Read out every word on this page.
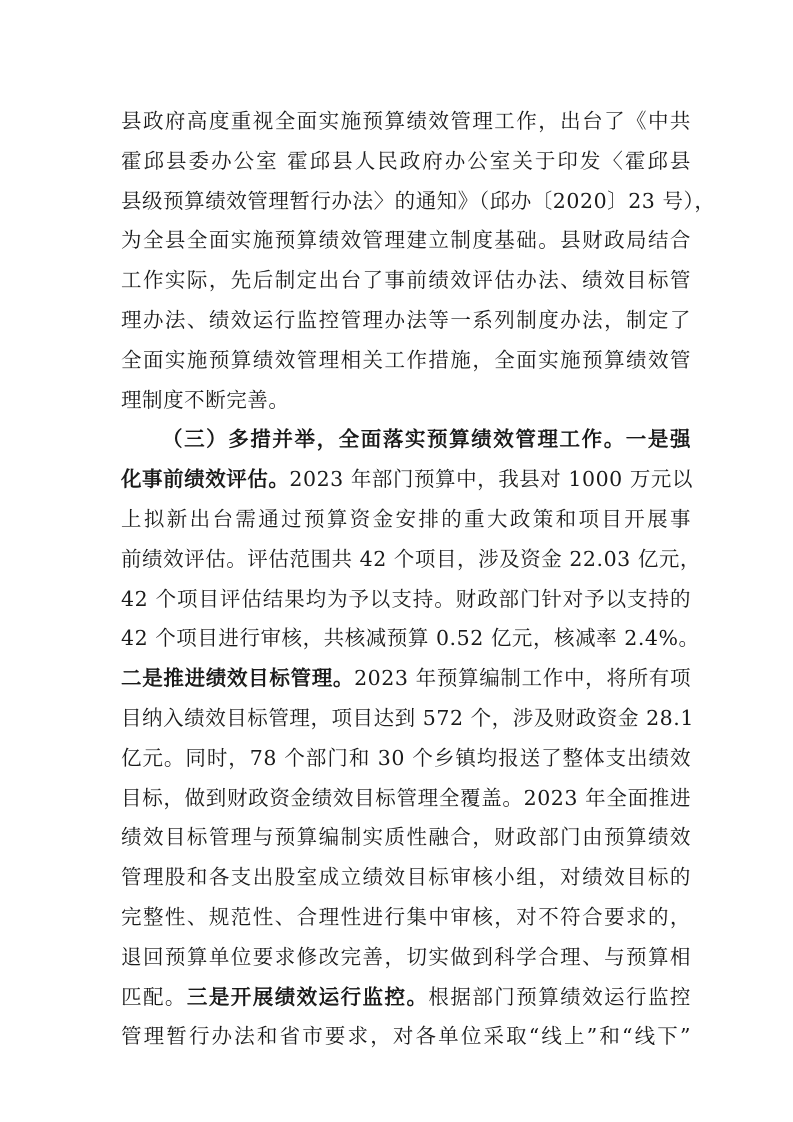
县政府高度重视全面实施预算绩效管理工作，出台了《中共
霍邱县委办公室 霍邱县人民政府办公室关于印发〈霍邱县
县级预算绩效管理暂行办法〉的通知》（邱办〔2020〕23 号），
为全县全面实施预算绩效管理建立制度基础。县财政局结合
工作实际，先后制定出台了事前绩效评估办法、绩效目标管
理办法、绩效运行监控管理办法等一系列制度办法，制定了
全面实施预算绩效管理相关工作措施，全面实施预算绩效管
理制度不断完善。
（三）多措并举，全面落实预算绩效管理工作。一是强
化事前绩效评估。2023 年部门预算中，我县对 1000 万元以
上拟新出台需通过预算资金安排的重大政策和项目开展事
前绩效评估。评估范围共 42 个项目，涉及资金 22.03 亿元，
42 个项目评估结果均为予以支持。财政部门针对予以支持的
42 个项目进行审核，共核减预算 0.52 亿元，核减率 2.4%。
二是推进绩效目标管理。2023 年预算编制工作中，将所有项
目纳入绩效目标管理，项目达到 572 个，涉及财政资金 28.1
亿元。同时，78 个部门和 30 个乡镇均报送了整体支出绩效
目标，做到财政资金绩效目标管理全覆盖。2023 年全面推进
绩效目标管理与预算编制实质性融合，财政部门由预算绩效
管理股和各支出股室成立绩效目标审核小组，对绩效目标的
完整性、规范性、合理性进行集中审核，对不符合要求的，
退回预算单位要求修改完善，切实做到科学合理、与预算相
匹配。三是开展绩效运行监控。根据部门预算绩效运行监控
管理暂行办法和省市要求，对各单位采取“线上”和“线下”
